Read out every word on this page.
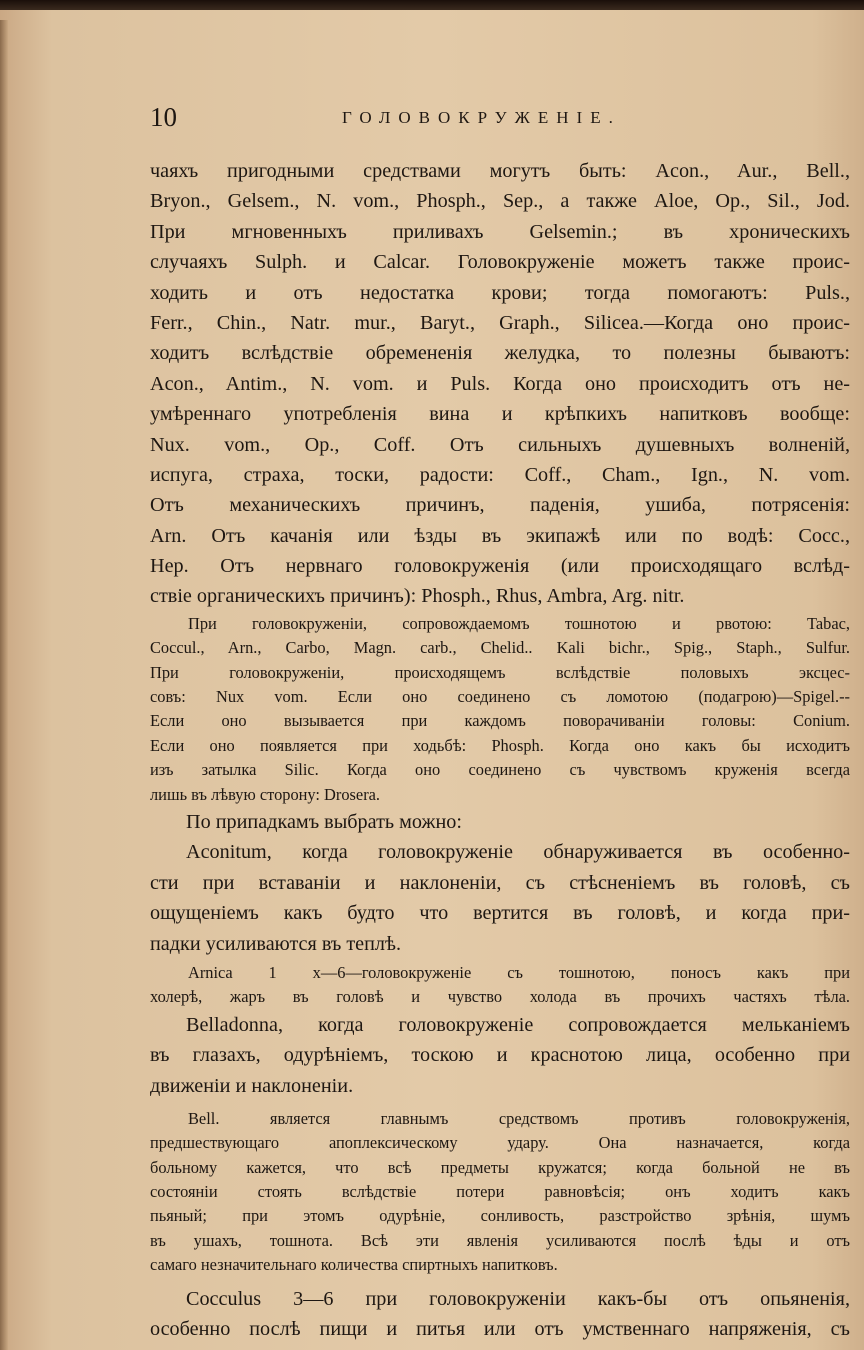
10	ГОЛОВОКРУЖЕНІЕ.
чаяхъ пригодными средствами могутъ быть: Acon., Aur., Bell.,
Bryon., Gelsem., N. vom., Phosph., Sep., а также Aloe, Op., Sil., Jod.
При мгновенныхъ приливахъ Gelsemin.; въ хроническихъ
случаяхъ Sulph. и Calcar. Головокруженіе можетъ также проис-
ходить и отъ недостатка крови; тогда помогаютъ: Puls.,
Ferr., Chin., Natr. mur., Baryt., Graph., Silicea.—Когда оно проис-
ходитъ вслѣдствіе обремененія желудка, то полезны бываютъ:
Acon., Antim., N. vom. и Puls. Когда оно происходитъ отъ не-
умѣреннаго употребленія вина и крѣпкихъ напитковъ вообще:
Nux. vom., Op., Coff. Отъ сильныхъ душевныхъ волненій,
испуга, страха, тоски, радости: Coff., Cham., Ign., N. vom.
Отъ механическихъ причинъ, паденія, ушиба, потрясенія:
Arn. Отъ качанія или ѣзды въ экипажѣ или по водѣ: Cocc.,
Hep. Отъ нервнаго головокруженія (или происходящаго вслѣд-
ствіе органическихъ причинъ): Phosph., Rhus, Ambra, Arg. nitr.
При головокруженіи, сопровождаемомъ тошнотою и рвотою: Tabac,
Coccul., Arn., Carbo, Magn. carb., Chelid.. Kali bichr., Spig., Staph., Sulfur.
При головокруженіи, происходящемъ вслѣдствіе половыхъ эксцес-
совъ: Nux vom. Если оно соединено съ ломотою (подагрою)—Spigel.--
Если оно вызывается при каждомъ поворачиваніи головы: Conium.
Если оно появляется при ходьбѣ: Phosph. Когда оно какъ бы исходитъ
изъ затылка Silic. Когда оно соединено съ чувствомъ круженія всегда
лишь въ лѣвую сторону: Drosera.
По припадкамъ выбрать можно:
Aconitum, когда головокруженіе обнаруживается въ особенно-
сти при вставаніи и наклоненіи, съ стѣсненіемъ въ головѣ, съ
ощущеніемъ какъ будто что вертится въ головѣ, и когда при-
падки усиливаются въ теплѣ.
Arnica 1 х—6—головокруженіе съ тошнотою, поносъ какъ при
холерѣ, жаръ въ головѣ и чувство холода въ прочихъ частяхъ тѣла.
Belladonna, когда головокруженіе сопровождается мельканіемъ
въ глазахъ, одурѣніемъ, тоскою и краснотою лица, особенно при
движеніи и наклоненіи.
Bell. является главнымъ средствомъ противъ головокруженія,
предшествующаго апоплексическому удару. Она назначается, когда
больному кажется, что всѣ предметы кружатся; когда больной не въ
состояніи стоять вслѣдствіе потери равновѣсія; онъ ходитъ какъ
пьяный; при этомъ одурѣніе, сонливость, разстройство зрѣнія, шумъ
въ ушахъ, тошнота. Всѣ эти явленія усиливаются послѣ ѣды и отъ
самаго незначительнаго количества спиртныхъ напитковъ.
Cocculus 3—6 при головокруженіи какъ-бы отъ опьяненія,
особенно послѣ пищи и питья или отъ умственнаго напряженія, съ
